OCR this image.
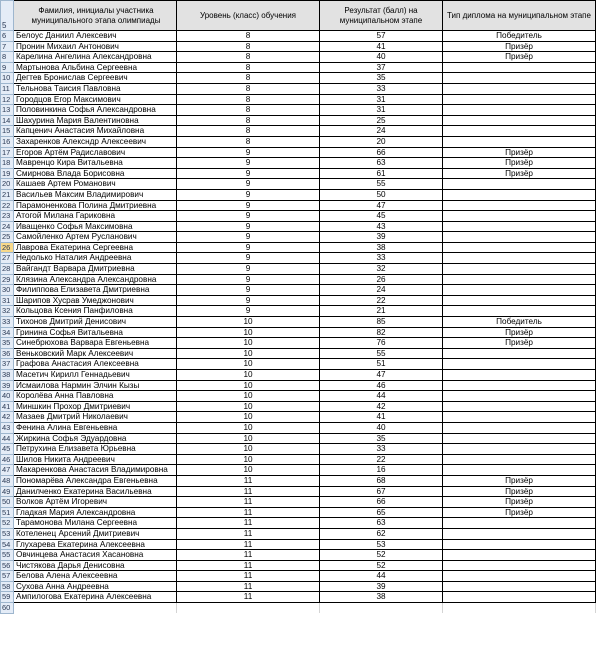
5	Фамилия, инициалы участника муниципального этапа олимпиады	Уровень (класс) обучения	Результат (балл) на муниципальном этапе	Тип диплома на муниципальном этапе
6	Белоус Даниил Алексевич	8	57	Победитель
7	Пронин Михаил Антонович	8	41	Призёр
8	Карелина Ангелина Александровна	8	40	Призёр
9	Мартынова Альбина Сергеевна	8	37	
10	Дегтев Бронислав Сергеевич	8	35	
11	Тельнова Таисия Павловна	8	33	
12	Городцов Егор Максимович	8	31	
13	Половинкина Софья Александровна	8	31	
14	Шахурина Мария Валентиновна	8	25	
15	Капценич Анастасия Михайловна	8	24	
16	Захаренков Алексндр Алексеевич	8	20	
17	Егоров Артём Радиславович	9	66	Призёр
18	Мавренцо Кира Витальевна	9	63	Призёр
19	Смирнова Влада Борисовна	9	61	Призёр
20	Кашаев Артем Романович	9	55	
21	Васильев Максим Владимирович	9	50	
22	Парамоненкова Полина Дмитриевна	9	47	
23	Атогой Милана Гариковна	9	45	
24	Иващенко Софья Максимовна	9	43	
25	Самойленко Артем Русланович	9	39	
26	Лаврова Екатерина Сергеевна	9	38	
27	Недолько Наталия Андреевна	9	33	
28	Вайгандт Варвара Дмитриевна	9	32	
29	Клязина Александра Александровна	9	26	
30	Филиппова Елизавета Дмитриевна	9	24	
31	Шарипов Хусрав Умеджонович	9	22	
32	Кольцова Ксения Панфиловна	9	21	
33	Тихонов Дмитрий Денисович	10	85	Победитель
34	Гринина Софья Витальевна	10	82	Призёр
35	Синебрюхова Варвара Евгеньевна	10	76	Призёр
36	Веньковский Марк Алексеевич	10	55	
37	Графова Анастасия Алексеевна	10	51	
38	Масетич Кирилл Геннадьевич	10	47	
39	Исмаилова Нармин Элчин Кызы	10	46	
40	Королёва Анна Павловна	10	44	
41	Миншкин Прохор Дмитриевич	10	42	
42	Мазаев Дмитрий Николаевич	10	41	
43	Фенина Алина Евгеньевна	10	40	
44	Жиркина Софья Эдуардовна	10	35	
45	Петрухина Елизавета Юрьевна	10	33	
46	Шилов Никита Андреевич	10	22	
47	Макаренкова Анастасия Владимировна	10	16	
48	Пономарёва Александра Евгеньевна	11	68	Призёр
49	Данилченко Екатерина Васильевна	11	67	Призёр
50	Волков Артём Игоревич	11	66	Призёр
51	Гладкая Мария Александровна	11	65	Призёр
52	Тарамонова Милана Сергеевна	11	63	
53	Котеленец Арсений Дмитриевич	11	62	
54	Глухарева Екатерина Алексеевна	11	53	
55	Овчинцева Анастасия Хасановна	11	52	
56	Чистякова Дарья Денисовна	11	52	
57	Белова Алена Алексеевна	11	44	
58	Сухова Анна Андреевна	11	39	
59	Ампилогова Екатерина Алексеевна	11	38	
60				
